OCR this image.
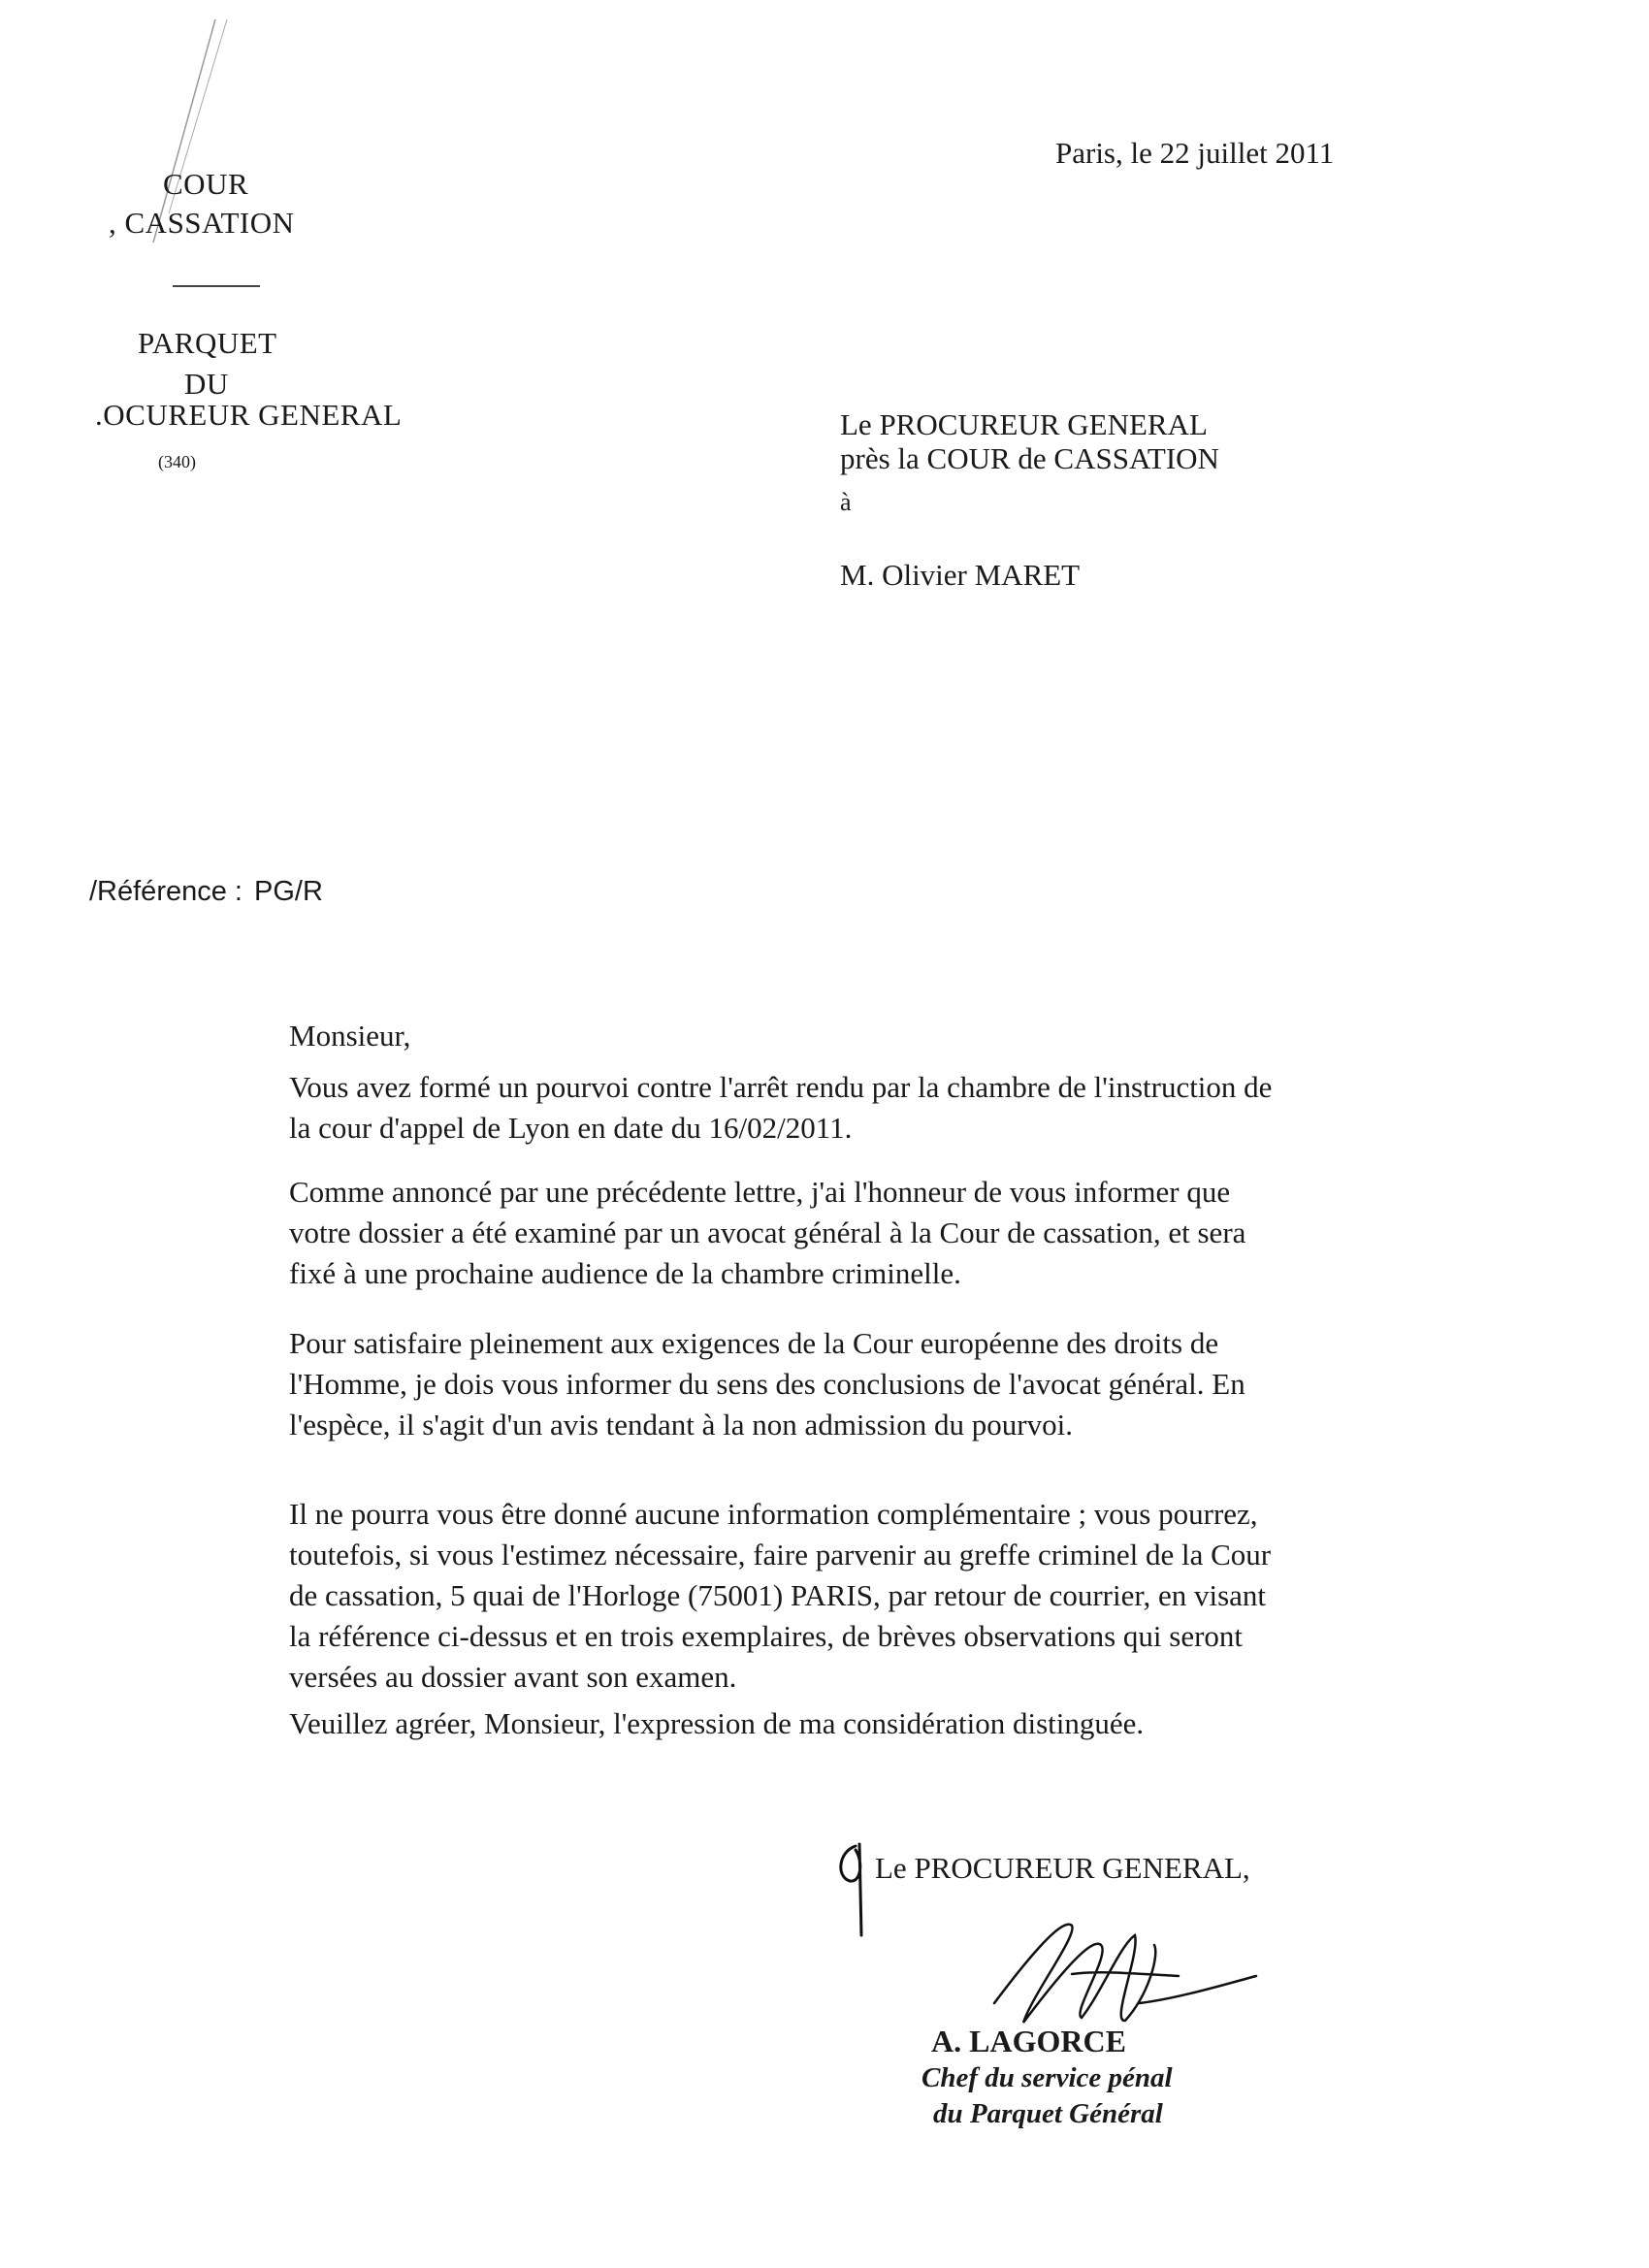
Paris, le 22 juillet 2011
COUR
, CASSATION
PARQUET
DU
.OCUREUR GENERAL
(340)
Le PROCUREUR GENERAL
près la COUR de CASSATION
à
M. Olivier MARET
/Référence : PG/R
Monsieur,
Vous avez formé un pourvoi contre l'arrêt rendu par la chambre de l'instruction de
la cour d'appel de Lyon en date du 16/02/2011.
Comme annoncé par une précédente lettre, j'ai l'honneur de vous informer que
votre dossier a été examiné par un avocat général à la Cour de cassation, et sera
fixé à une prochaine audience de la chambre criminelle.
Pour satisfaire pleinement aux exigences de la Cour européenne des droits de
l'Homme, je dois vous informer du sens des conclusions de l'avocat général. En
l'espèce, il s'agit d'un avis tendant à la non admission du pourvoi.
Il ne pourra vous être donné aucune information complémentaire ; vous pourrez,
toutefois, si vous l'estimez nécessaire, faire parvenir au greffe criminel de la Cour
de cassation, 5 quai de l'Horloge (75001) PARIS, par retour de courrier, en visant
la référence ci-dessus et en trois exemplaires, de brèves observations qui seront
versées au dossier avant son examen.
Veuillez agréer, Monsieur, l'expression de ma considération distinguée.
Le PROCUREUR GENERAL,
A. LAGORCE
Chef du service pénal
du Parquet Général
